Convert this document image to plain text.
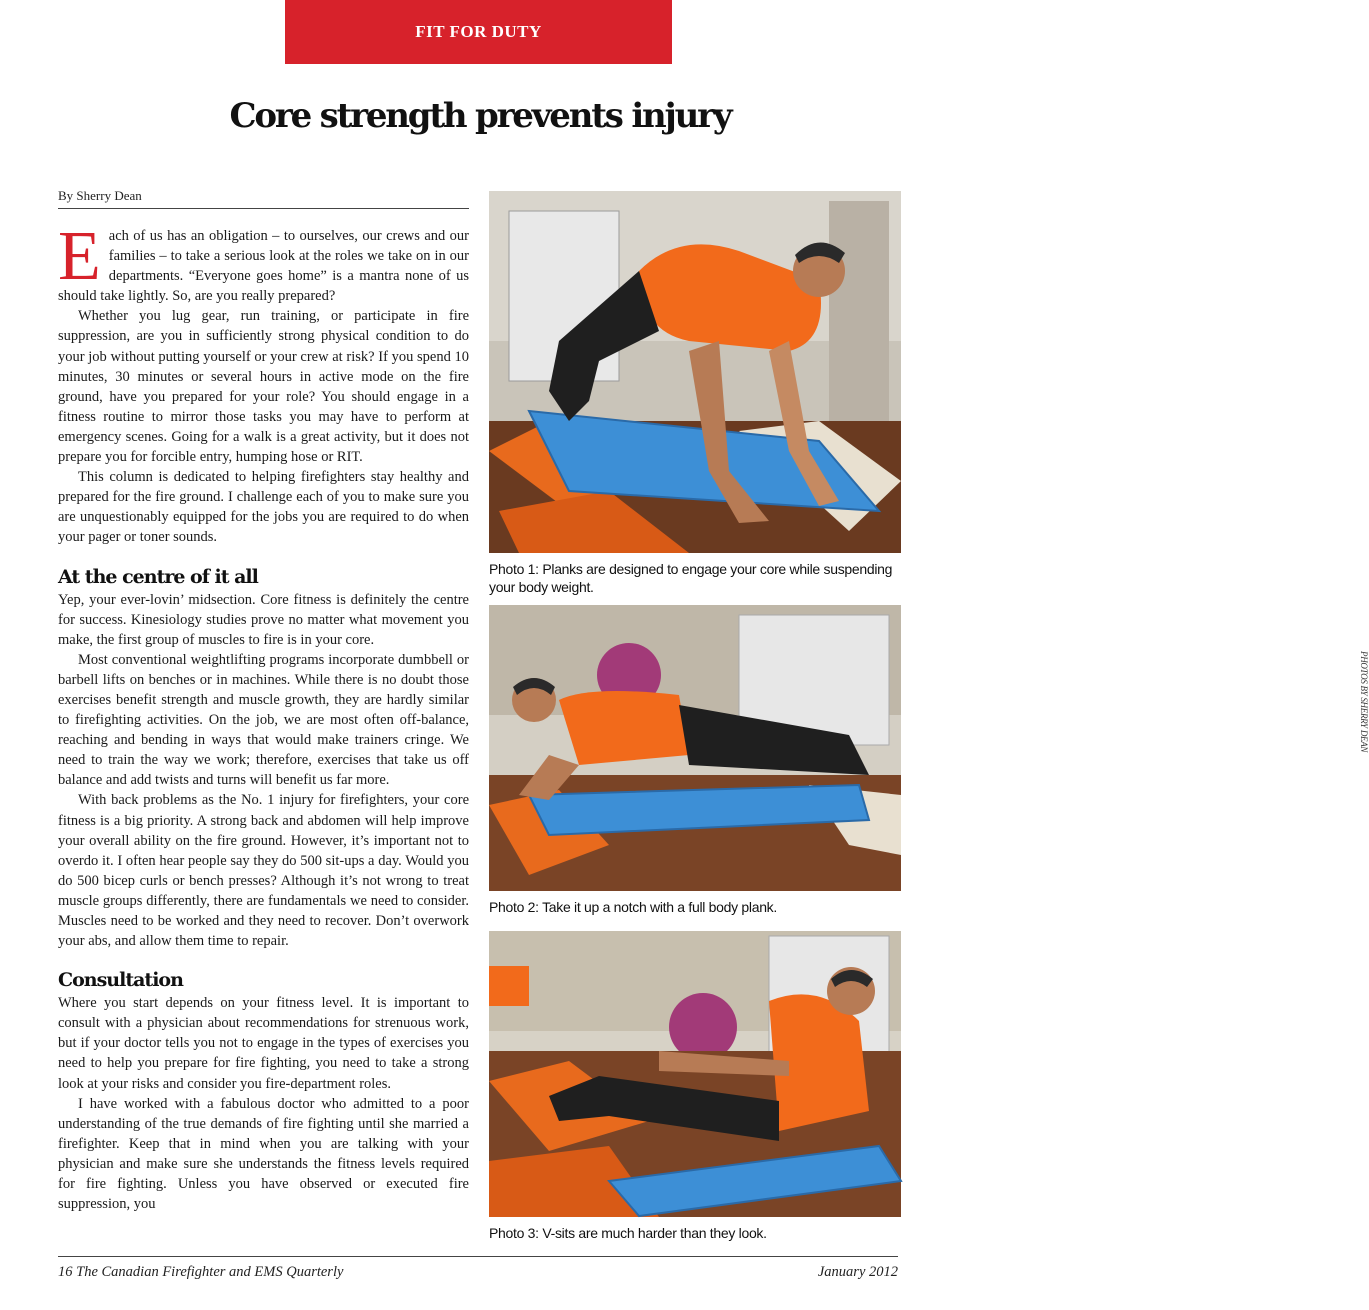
FIT FOR DUTY
Core strength prevents injury
By Sherry Dean

Each of us has an obligation – to ourselves, our crews and our families – to take a serious look at the roles we take on in our departments. “Everyone goes home” is a mantra none of us should take lightly. So, are you really prepared?

Whether you lug gear, run training, or participate in fire suppression, are you in sufficiently strong physical condition to do your job without putting yourself or your crew at risk? If you spend 10 minutes, 30 minutes or several hours in active mode on the fire ground, have you prepared for your role? You should engage in a fitness routine to mirror those tasks you may have to perform at emergency scenes. Going for a walk is a great activity, but it does not prepare you for forcible entry, humping hose or RIT.

This column is dedicated to helping firefighters stay healthy and prepared for the fire ground. I challenge each of you to make sure you are unquestionably equipped for the jobs you are required to do when your pager or toner sounds.

At the centre of it all

Yep, your ever-lovin’ midsection. Core fitness is definitely the centre for success. Kinesiology studies prove no matter what movement you make, the first group of muscles to fire is in your core.

Most conventional weightlifting programs incorporate dumbbell or barbell lifts on benches or in machines. While there is no doubt those exercises benefit strength and muscle growth, they are hardly similar to firefighting activities. On the job, we are most often off-balance, reaching and bending in ways that would make trainers cringe. We need to train the way we work; therefore, exercises that take us off balance and add twists and turns will benefit us far more.

With back problems as the No. 1 injury for firefighters, your core fitness is a big priority. A strong back and abdomen will help improve your overall ability on the fire ground. However, it’s important not to overdo it. I often hear people say they do 500 sit-ups a day. Would you do 500 bicep curls or bench presses? Although it’s not wrong to treat muscle groups differently, there are fundamentals we need to consider. Muscles need to be worked and they need to recover. Don’t overwork your abs, and allow them time to repair.

Consultation

Where you start depends on your fitness level. It is important to consult with a physician about recommendations for strenuous work, but if your doctor tells you not to engage in the types of exercises you need to help you prepare for fire fighting, you need to take a strong look at your risks and consider you fire-department roles.

I have worked with a fabulous doctor who admitted to a poor understanding of the true demands of fire fighting until she married a firefighter. Keep that in mind when you are talking with your physician and make sure she understands the fitness levels required for fire fighting. Unless you have observed or executed fire suppression, you

PHOTOS BY SHERRY DEAN
Photo 1: Planks are designed to engage your core while suspending your body weight.
Photo 2: Take it up a notch with a full body plank.
Photo 3: V-sits are much harder than they look.
16 The Canadian Firefighter and EMS Quarterly	January 2012
